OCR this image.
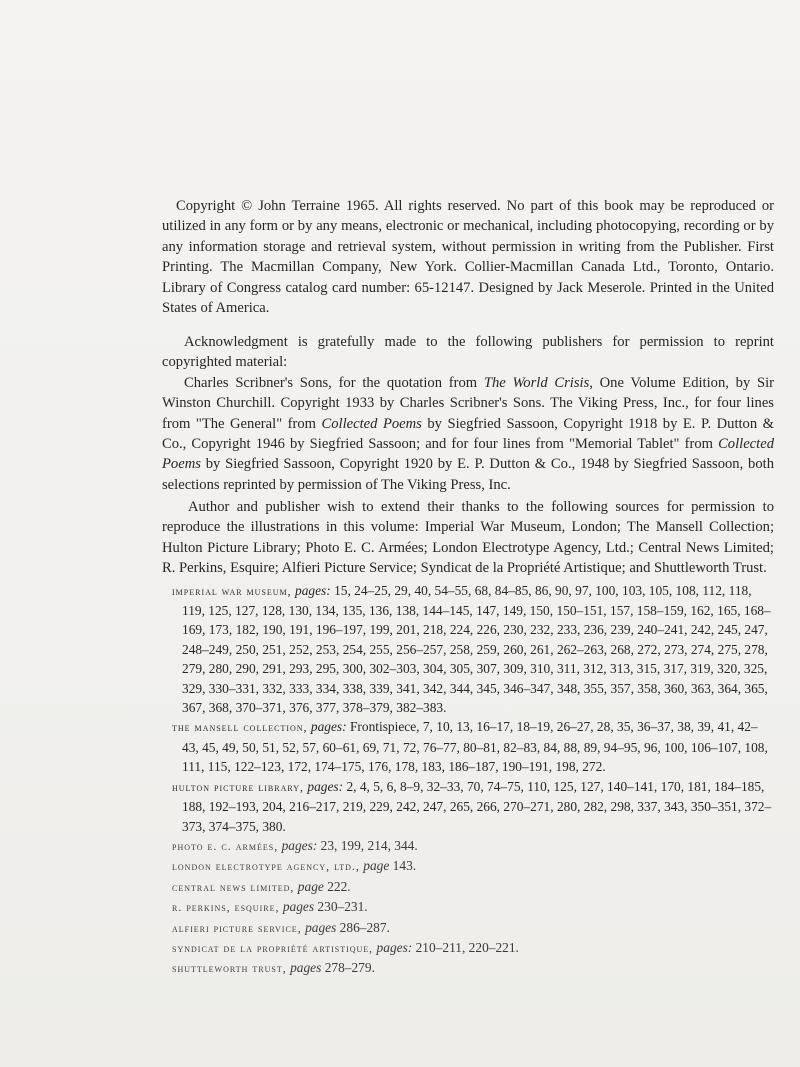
Copyright © John Terraine 1965. All rights reserved. No part of this book may be reproduced or utilized in any form or by any means, electronic or mechanical, including photocopying, recording or by any information storage and retrieval system, without permission in writing from the Publisher. First Printing. The Macmillan Company, New York. Collier-Macmillan Canada Ltd., Toronto, Ontario. Library of Congress catalog card number: 65-12147. Designed by Jack Meserole. Printed in the United States of America.

Acknowledgment is gratefully made to the following publishers for permission to reprint copyrighted material:

Charles Scribner's Sons, for the quotation from The World Crisis, One Volume Edition, by Sir Winston Churchill. Copyright 1933 by Charles Scribner's Sons. The Viking Press, Inc., for four lines from "The General" from Collected Poems by Siegfried Sassoon, Copyright 1918 by E. P. Dutton & Co., Copyright 1946 by Siegfried Sassoon; and for four lines from "Memorial Tablet" from Collected Poems by Siegfried Sassoon, Copyright 1920 by E. P. Dutton & Co., 1948 by Siegfried Sassoon, both selections reprinted by permission of The Viking Press, Inc.

Author and publisher wish to extend their thanks to the following sources for permission to reproduce the illustrations in this volume: Imperial War Museum, London; The Mansell Collection; Hulton Picture Library; Photo E. C. Armées; London Electrotype Agency, Ltd.; Central News Limited; R. Perkins, Esquire; Alfieri Picture Service; Syndicat de la Propriété Artistique; and Shuttleworth Trust.

imperial war museum, pages: 15, 24–25, 29, 40, 54–55, 68, 84–85, 86, 90, 97, 100, 103, 105, 108, 112, 118, 119, 125, 127, 128, 130, 134, 135, 136, 138, 144–145, 147, 149, 150, 150–151, 157, 158–159, 162, 165, 168–169, 173, 182, 190, 191, 196–197, 199, 201, 218, 224, 226, 230, 232, 233, 236, 239, 240–241, 242, 245, 247, 248–249, 250, 251, 252, 253, 254, 255, 256–257, 258, 259, 260, 261, 262–263, 268, 272, 273, 274, 275, 278, 279, 280, 290, 291, 293, 295, 300, 302–303, 304, 305, 307, 309, 310, 311, 312, 313, 315, 317, 319, 320, 325, 329, 330–331, 332, 333, 334, 338, 339, 341, 342, 344, 345, 346–347, 348, 355, 357, 358, 360, 363, 364, 365, 367, 368, 370–371, 376, 377, 378–379, 382–383.

the mansell collection, pages: Frontispiece, 7, 10, 13, 16–17, 18–19, 26–27, 28, 35, 36–37, 38, 39, 41, 42–43, 45, 49, 50, 51, 52, 57, 60–61, 69, 71, 72, 76–77, 80–81, 82–83, 84, 88, 89, 94–95, 96, 100, 106–107, 108, 111, 115, 122–123, 172, 174–175, 176, 178, 183, 186–187, 190–191, 198, 272.

hulton picture library, pages: 2, 4, 5, 6, 8–9, 32–33, 70, 74–75, 110, 125, 127, 140–141, 170, 181, 184–185, 188, 192–193, 204, 216–217, 219, 229, 242, 247, 265, 266, 270–271, 280, 282, 298, 337, 343, 350–351, 372–373, 374–375, 380.

photo e. c. armées, pages: 23, 199, 214, 344.

london electrotype agency, ltd., page 143.

central news limited, page 222.

r. perkins, esquire, pages 230–231.

alfieri picture service, pages 286–287.

syndicat de la propriété artistique, pages: 210–211, 220–221.

shuttleworth trust, pages 278–279.
